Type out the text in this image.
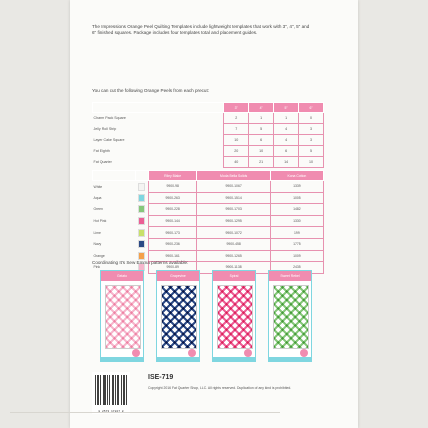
The Impressions Orange Peel Quilting Templates include lightweight templates that work with 3", 4", 5" and 6" finished squares. Package includes four templates total and placement guides.
You can cut the following Orange Peels from each precut:
	3"	4"	5"	6"
Charm Pack Square	2	1	1	0
Jelly Roll Strip	7	5	4	3
Layer Cake Square	10	6	4	3
Fat Eighth	20	10	6	5
Fat Quarter	40	21	14	10
		Riley Blake	Moda Bella Solids	Kona Cotton
White		9900-98	9900-1067	1339
Aqua		9900-263	9900-1514	1005
Green		9900-228	9900-1703	1482
Hot Pink		9900-144	9900-1295	1330
Lime		9900-173	9900-1072	199
Navy		9900-236	9900-458	1775
Orange		9900-161	9900-1265	1009
Pink		9900-89	9900-1138	2435
Coordinating It's Sew Emma patterns available:
Gelato	Grapevine	Spiral	Sweet Rebel
ISE-719
Copyright 2016 Fat Quarter Shop, LLC. All rights reserved. Duplication of any kind is prohibited.
